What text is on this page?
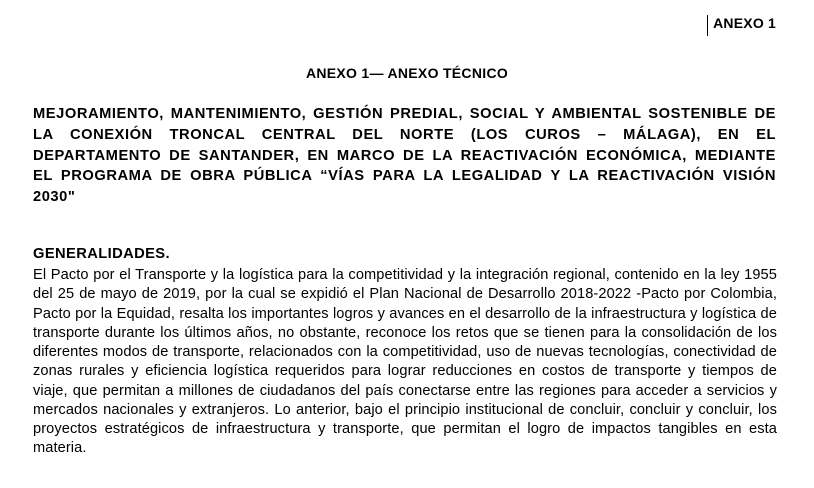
ANEXO 1
ANEXO 1— ANEXO TÉCNICO
MEJORAMIENTO, MANTENIMIENTO, GESTIÓN PREDIAL, SOCIAL Y AMBIENTAL SOSTENIBLE DE LA CONEXIÓN TRONCAL CENTRAL DEL NORTE (LOS CUROS – MÁLAGA), EN EL DEPARTAMENTO DE SANTANDER, EN MARCO DE LA REACTIVACIÓN ECONÓMICA, MEDIANTE EL PROGRAMA DE OBRA PÚBLICA “VÍAS PARA LA LEGALIDAD Y LA REACTIVACIÓN VISIÓN 2030"
GENERALIDADES.
El Pacto por el Transporte y la logística para la competitividad y la integración regional, contenido en la ley 1955 del 25 de mayo de 2019, por la cual se expidió el Plan Nacional de Desarrollo 2018-2022 -Pacto por Colombia, Pacto por la Equidad, resalta los importantes logros y avances en el desarrollo de la infraestructura y logística de transporte durante los últimos años, no obstante, reconoce los retos que se tienen para la consolidación de los diferentes modos de transporte, relacionados con la competitividad, uso de nuevas tecnologías, conectividad de zonas rurales y eficiencia logística requeridos para lograr reducciones en costos de transporte y tiempos de viaje, que permitan a millones de ciudadanos del país conectarse entre las regiones para acceder a servicios y mercados nacionales y extranjeros. Lo anterior, bajo el principio institucional de concluir, concluir y concluir, los proyectos estratégicos de infraestructura y transporte, que permitan el logro de impactos tangibles en esta materia.
